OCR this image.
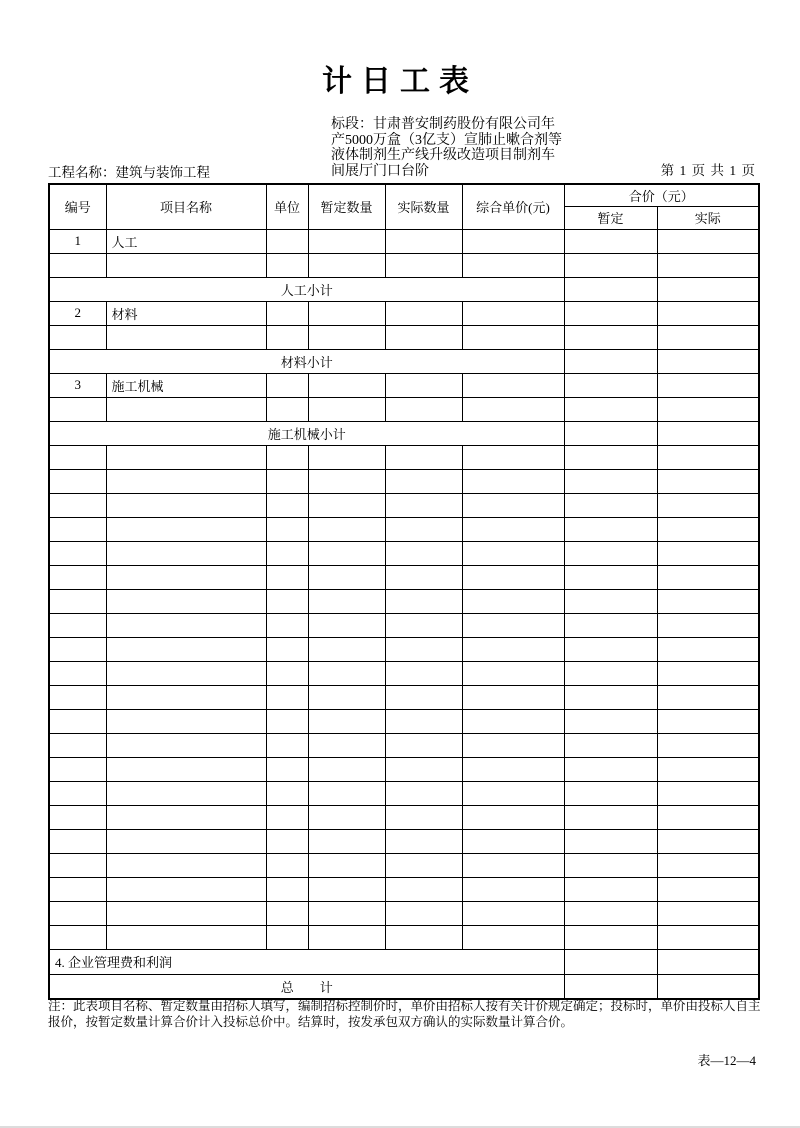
计日工表
标段：甘肃普安制药股份有限公司年
产5000万盒（3亿支）宣肺止嗽合剂等
液体制剂生产线升级改造项目制剂车
间展厅门口台阶
工程名称：建筑与装饰工程	第 1 页 共 1 页
编号	项目名称	单位	暂定数量	实际数量	综合单价(元)	合价（元）	
						暂定	实际
1	人工						

人工小计							
2	材料						

材料小计							
3	施工机械						

施工机械小计							

4. 企业管理费和利润							
总　　计							
注：此表项目名称、暂定数量由招标人填写，编制招标控制价时，单价由招标人按有关计价规定确定；投标时，单价由投标人自主
报价，按暂定数量计算合价计入投标总价中。结算时，按发承包双方确认的实际数量计算合价。
表—12—4
